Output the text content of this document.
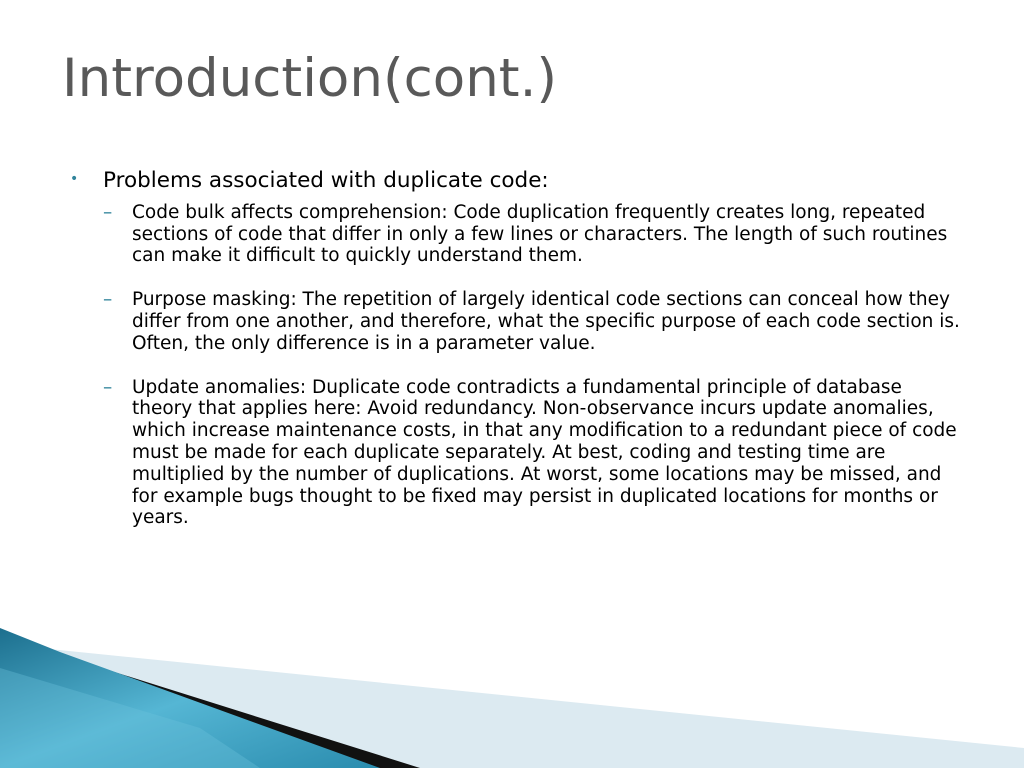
Introduction(cont.)
• Problems associated with duplicate code:
– Code bulk affects comprehension: Code duplication frequently creates long, repeated sections of code that differ in only a few lines or characters. The length of such routines can make it difficult to quickly understand them.
– Purpose masking: The repetition of largely identical code sections can conceal how they differ from one another, and therefore, what the specific purpose of each code section is. Often, the only difference is in a parameter value.
– Update anomalies: Duplicate code contradicts a fundamental principle of database theory that applies here: Avoid redundancy. Non-observance incurs update anomalies, which increase maintenance costs, in that any modification to a redundant piece of code must be made for each duplicate separately. At best, coding and testing time are multiplied by the number of duplications. At worst, some locations may be missed, and for example bugs thought to be fixed may persist in duplicated locations for months or years.
